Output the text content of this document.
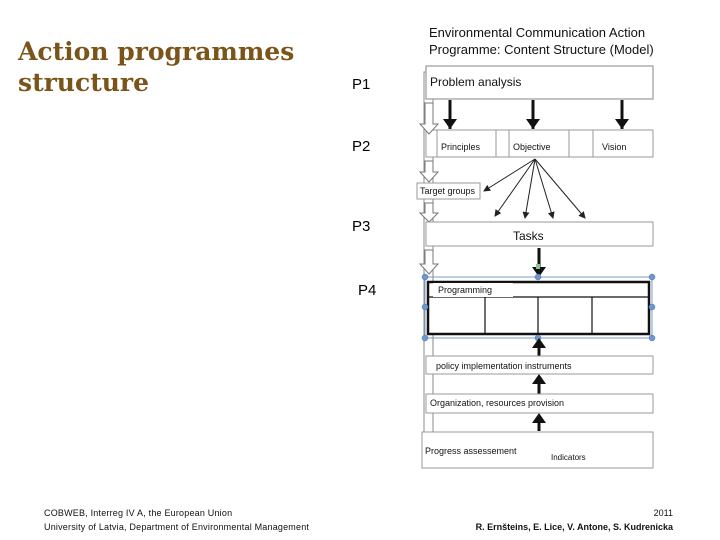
Action programmes structure	P1
P2
P3
P4
Environmental Communication Action
Programme: Content Structure (Model)
Problem analysis
Principles	Objective	Vision
Target groups
Tasks
Programming
policy implementation instruments
Organization, resources provision
Progress assessement
Indicators
COBWEB, Interreg IV A, the European Union
University of Latvia, Department of Environmental Management
2011
R. Ernšteins, E. Lice, V. Antone, S. Kudrenicka
